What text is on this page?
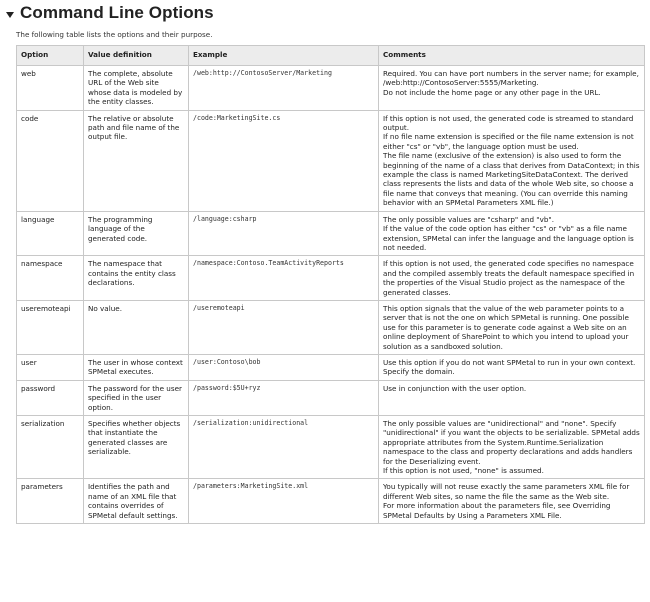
Command Line Options
The following table lists the options and their purpose.
Option	Value definition	Example	Comments
web	The complete, absolute URL of the Web site whose data is modeled by the entity classes.	/web:http://ContosoServer/Marketing	Required. You can have port numbers in the server name; for example, /web:http://ContosoServer:5555/Marketing.
Do not include the home page or any other page in the URL.

code	The relative or absolute path and file name of the output file.	/code:MarketingSite.cs	If this option is not used, the generated code is streamed to standard output.
If no file name extension is specified or the file name extension is not either "cs" or "vb", the language option must be used.
The file name (exclusive of the extension) is also used to form the beginning of the name of a class that derives from DataContext; in this example the class is named MarketingSiteDataContext. The derived class represents the lists and data of the whole Web site, so choose a file name that conveys that meaning. (You can override this naming behavior with an SPMetal Parameters XML file.)

language	The programming language of the generated code.	/language:csharp	The only possible values are "csharp" and "vb".
If the value of the code option has either "cs" or "vb" as a file name extension, SPMetal can infer the language and the language option is not needed.

namespace	The namespace that contains the entity class declarations.	/namespace:Contoso.TeamActivityReports	If this option is not used, the generated code specifies no namespace and the compiled assembly treats the default namespace specified in the properties of the Visual Studio project as the namespace of the generated classes.

useremoteapi	No value.	/useremoteapi	This option signals that the value of the web parameter points to a server that is not the one on which SPMetal is running. One possible use for this parameter is to generate code against a Web site on an online deployment of SharePoint to which you intend to upload your solution as a sandboxed solution.

user	The user in whose context SPMetal executes.	/user:Contoso\bob	Use this option if you do not want SPMetal to run in your own context. Specify the domain.

password	The password for the user specified in the user option.	/password:$5U+ryz	Use in conjunction with the user option.

serialization	Specifies whether objects that instantiate the generated classes are serializable.	/serialization:unidirectional	The only possible values are "unidirectional" and "none". Specify "unidirectional" if you want the objects to be serializable. SPMetal adds appropriate attributes from the System.Runtime.Serialization namespace to the class and property declarations and adds handlers for the Deserializing event.
If this option is not used, "none" is assumed.

parameters	Identifies the path and name of an XML file that contains overrides of SPMetal default settings.	/parameters:MarketingSite.xml	You typically will not reuse exactly the same parameters XML file for different Web sites, so name the file the same as the Web site.
For more information about the parameters file, see Overriding SPMetal Defaults by Using a Parameters XML File.
